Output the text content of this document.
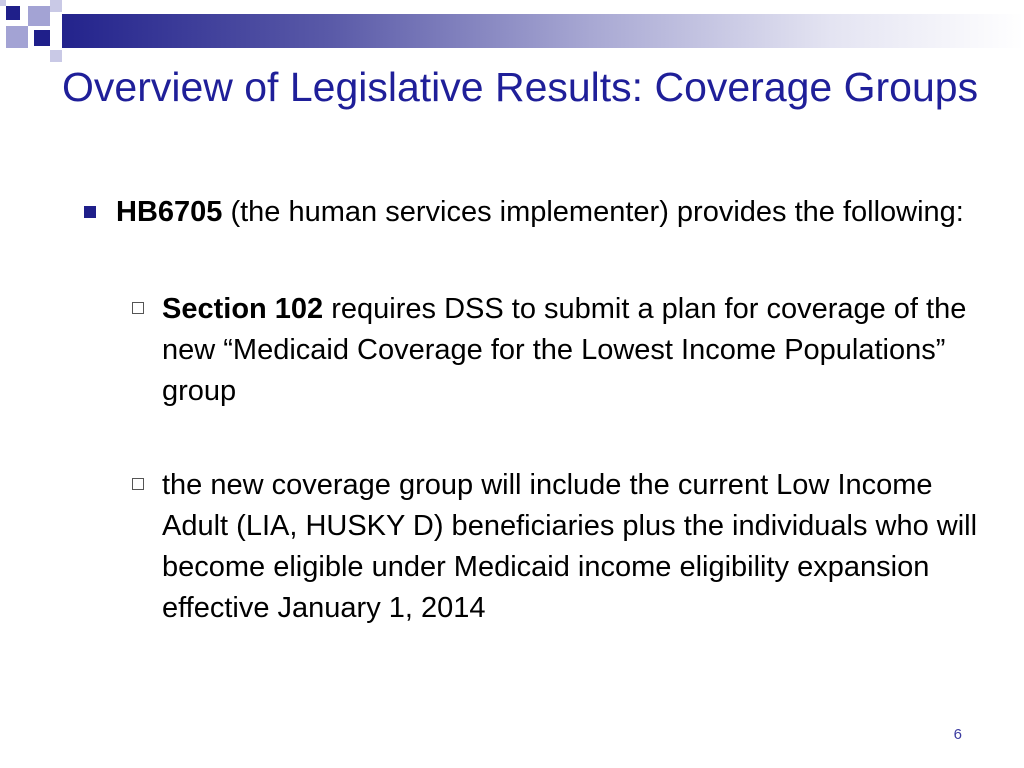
Overview of Legislative Results: Coverage Groups
HB6705 (the human services implementer) provides the following:
Section 102 requires DSS to submit a plan for coverage of the new “Medicaid Coverage for the Lowest Income Populations” group
the new coverage group will include the current Low Income Adult (LIA, HUSKY D) beneficiaries plus the individuals who will become eligible under Medicaid income eligibility expansion effective January 1, 2014
6
